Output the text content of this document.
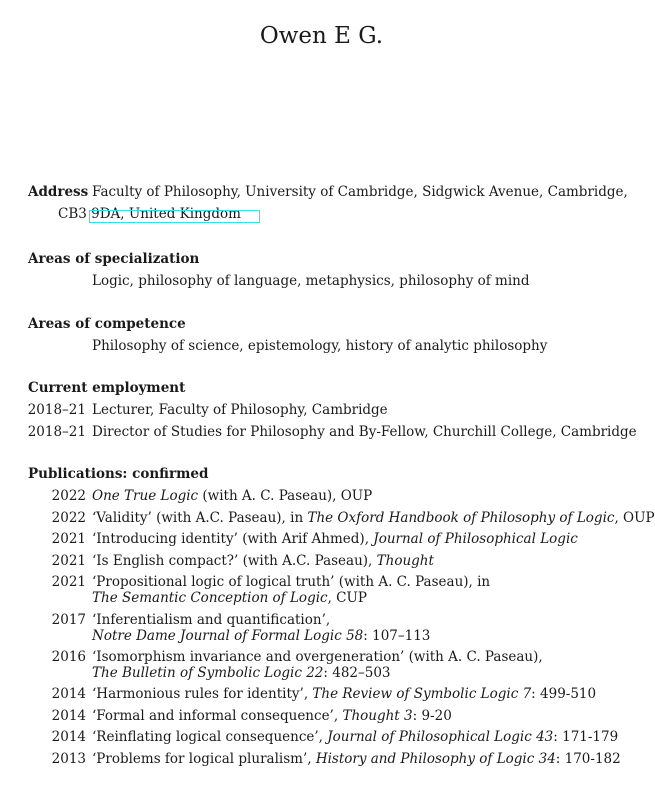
Owen E G.
Address Faculty of Philosophy, University of Cambridge, Sidgwick Avenue, Cambridge,
CB3 9DA, United Kingdom
Areas of specialization
Logic, philosophy of language, metaphysics, philosophy of mind
Areas of competence
Philosophy of science, epistemology, history of analytic philosophy
Current employment
2018–21 Lecturer, Faculty of Philosophy, Cambridge
2018–21 Director of Studies for Philosophy and By-Fellow, Churchill College, Cambridge
Publications: confirmed
2022 One True Logic (with A. C. Paseau), OUP
2022 ‘Validity’ (with A.C. Paseau), in The Oxford Handbook of Philosophy of Logic, OUP
2021 ‘Introducing identity’ (with Arif Ahmed), Journal of Philosophical Logic
2021 ‘Is English compact?’ (with A.C. Paseau), Thought
2021 ‘Propositional logic of logical truth’ (with A. C. Paseau), in
The Semantic Conception of Logic, CUP
2017 ‘Inferentialism and quantification’,
Notre Dame Journal of Formal Logic 58: 107–113
2016 ‘Isomorphism invariance and overgeneration’ (with A. C. Paseau),
The Bulletin of Symbolic Logic 22: 482–503
2014 ‘Harmonious rules for identity’, The Review of Symbolic Logic 7: 499-510
2014 ‘Formal and informal consequence’, Thought 3: 9-20
2014 ‘Reinflating logical consequence’, Journal of Philosophical Logic 43: 171-179
2013 ‘Problems for logical pluralism’, History and Philosophy of Logic 34: 170-182
